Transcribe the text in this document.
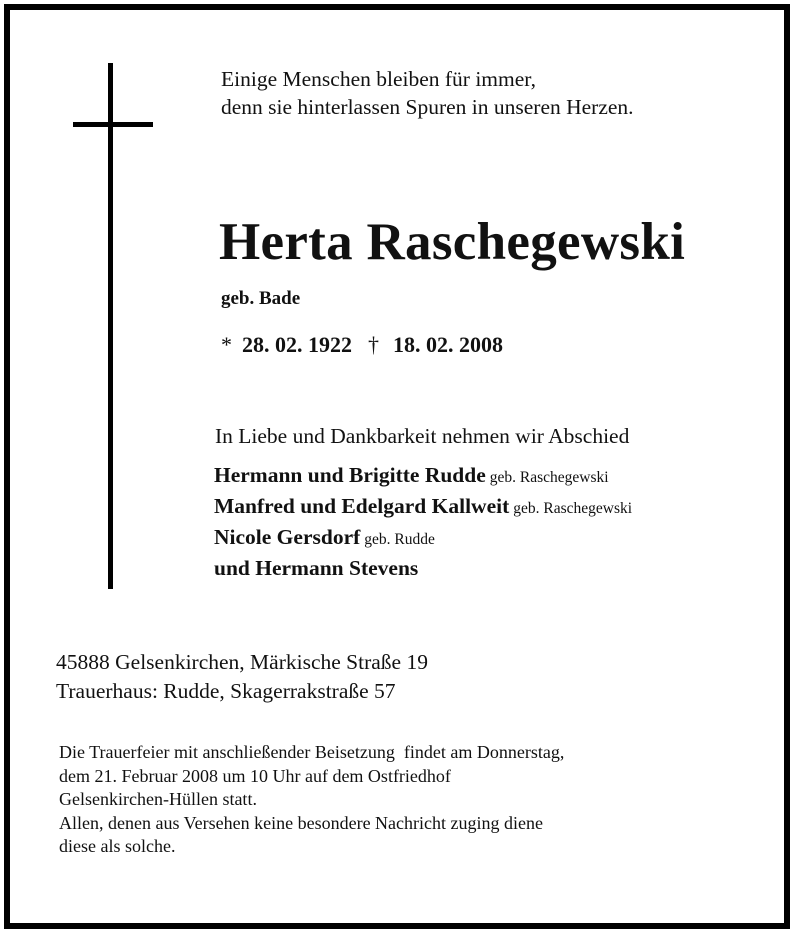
Einige Menschen bleiben für immer,
denn sie hinterlassen Spuren in unseren Herzen.
Herta Raschegewski
geb. Bade
* 28. 02. 1922 † 18. 02. 2008
In Liebe und Dankbarkeit nehmen wir Abschied
Hermann und Brigitte Rudde geb. Raschegewski
Manfred und Edelgard Kallweit geb. Raschegewski
Nicole Gersdorf geb. Rudde
und Hermann Stevens
45888 Gelsenkirchen, Märkische Straße 19
Trauerhaus: Rudde, Skagerrakstraße 57
Die Trauerfeier mit anschließender Beisetzung  findet am Donnerstag,
dem 21. Februar 2008 um 10 Uhr auf dem Ostfriedhof
Gelsenkirchen-Hüllen statt.
Allen, denen aus Versehen keine besondere Nachricht zuging diene
diese als solche.
